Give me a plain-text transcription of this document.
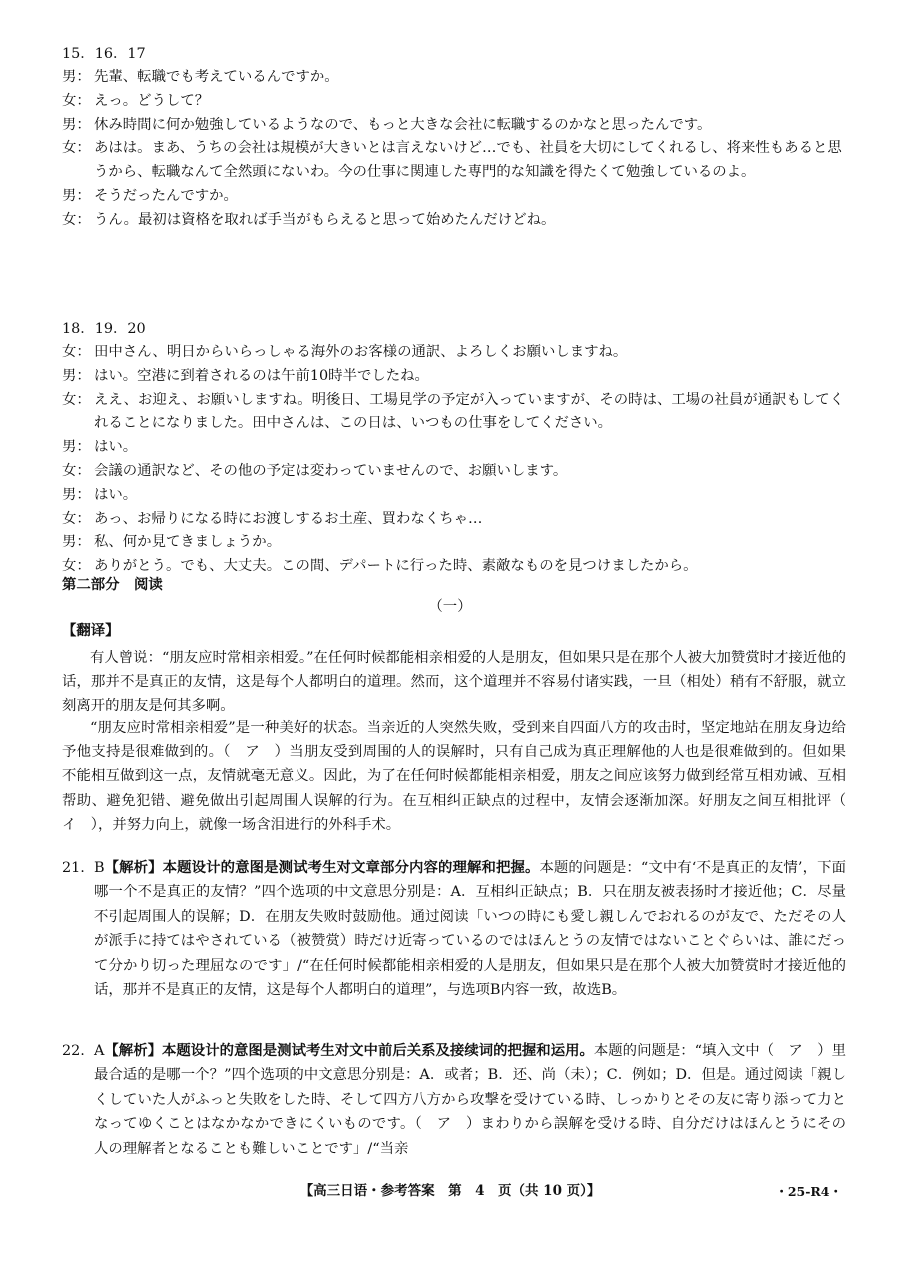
15．16．17
男： 先輩、転職でも考えているんですか。
女： えっ。どうして？
男： 休み時間に何か勉強しているようなので、もっと大きな会社に転職するのかなと思ったんです。
女： あはは。まあ、うちの会社は規模が大きいとは言えないけど…でも、社員を大切にしてくれるし、将来性もあると思うから、転職なんて全然頭にないわ。今の仕事に関連した専門的な知識を得たくて勉強しているのよ。
男： そうだったんですか。
女： うん。最初は資格を取れば手当がもらえると思って始めたんだけどね。
18．19．20
女： 田中さん、明日からいらっしゃる海外のお客様の通訳、よろしくお願いしますね。
男： はい。空港に到着されるのは午前10時半でしたね。
女： ええ、お迎え、お願いしますね。明後日、工場見学の予定が入っていますが、その時は、工場の社員が通訳もしてくれることになりました。田中さんは、この日は、いつもの仕事をしてください。
男： はい。
女： 会議の通訳など、その他の予定は変わっていませんので、お願いします。
男： はい。
女： あっ、お帰りになる時にお渡しするお土産、買わなくちゃ…
男： 私、何か見てきましょうか。
女： ありがとう。でも、大丈夫。この間、デパートに行った時、素敵なものを見つけましたから。
第二部分　阅读
（一）
【翻译】
有人曾说：“朋友应时常相亲相爱。”在任何时候都能相亲相爱的人是朋友，但如果只是在那个人被大加赞赏时才接近他的话，那并不是真正的友情，这是每个人都明白的道理。然而，这个道理并不容易付诸实践，一旦（相处）稍有不舒服，就立刻离开的朋友是何其多啊。
“朋友应时常相亲相爱”是一种美好的状态。当亲近的人突然失败，受到来自四面八方的攻击时，坚定地站在朋友身边给予他支持是很难做到的。（　ア　）当朋友受到周围的人的误解时，只有自己成为真正理解他的人也是很难做到的。但如果不能相互做到这一点，友情就毫无意义。因此，为了在任何时候都能相亲相爱，朋友之间应该努力做到经常互相劝诫、互相帮助、避免犯错、避免做出引起周围人误解的行为。在互相纠正缺点的过程中，友情会逐渐加深。好朋友之间互相批评（　イ　），并努力向上，就像一场含泪进行的外科手术。
21. B【解析】本题设计的意图是测试考生对文章部分内容的理解和把握。本题的问题是：“文中有‘不是真正的友情’，下面哪一个不是真正的友情？”四个选项的中文意思分别是：A．互相纠正缺点；B．只在朋友被表扬时才接近他；C．尽量不引起周围人的误解；D．在朋友失败时鼓励他。通过阅读「いつの時にも愛し親しんでおれるのが友で、ただその人が派手に持てはやされている（被赞赏）時だけ近寄っているのではほんとうの友情ではないことぐらいは、誰にだって分かり切った理屈なのです」/“在任何时候都能相亲相爱的人是朋友，但如果只是在那个人被大加赞赏时才接近他的话，那并不是真正的友情，这是每个人都明白的道理”，与选项B内容一致，故选B。
22. A【解析】本题设计的意图是测试考生对文中前后关系及接续词的把握和运用。本题的问题是：“填入文中（　ア　）里最合适的是哪一个？”四个选项的中文意思分别是：A．或者；B．还、尚（未）；C．例如；D．但是。通过阅读「親しくしていた人がふっと失敗をした時、そして四方八方から攻撃を受けている時、しっかりとその友に寄り添って力となってゆくことはなかなかできにくいものです。（　ア　）まわりから誤解を受ける時、自分だけはほんとうにその人の理解者となることも難しいことです」/“当亲
【高三日语・参考答案　第　4　页（共 10 页）】	・25-R4・
